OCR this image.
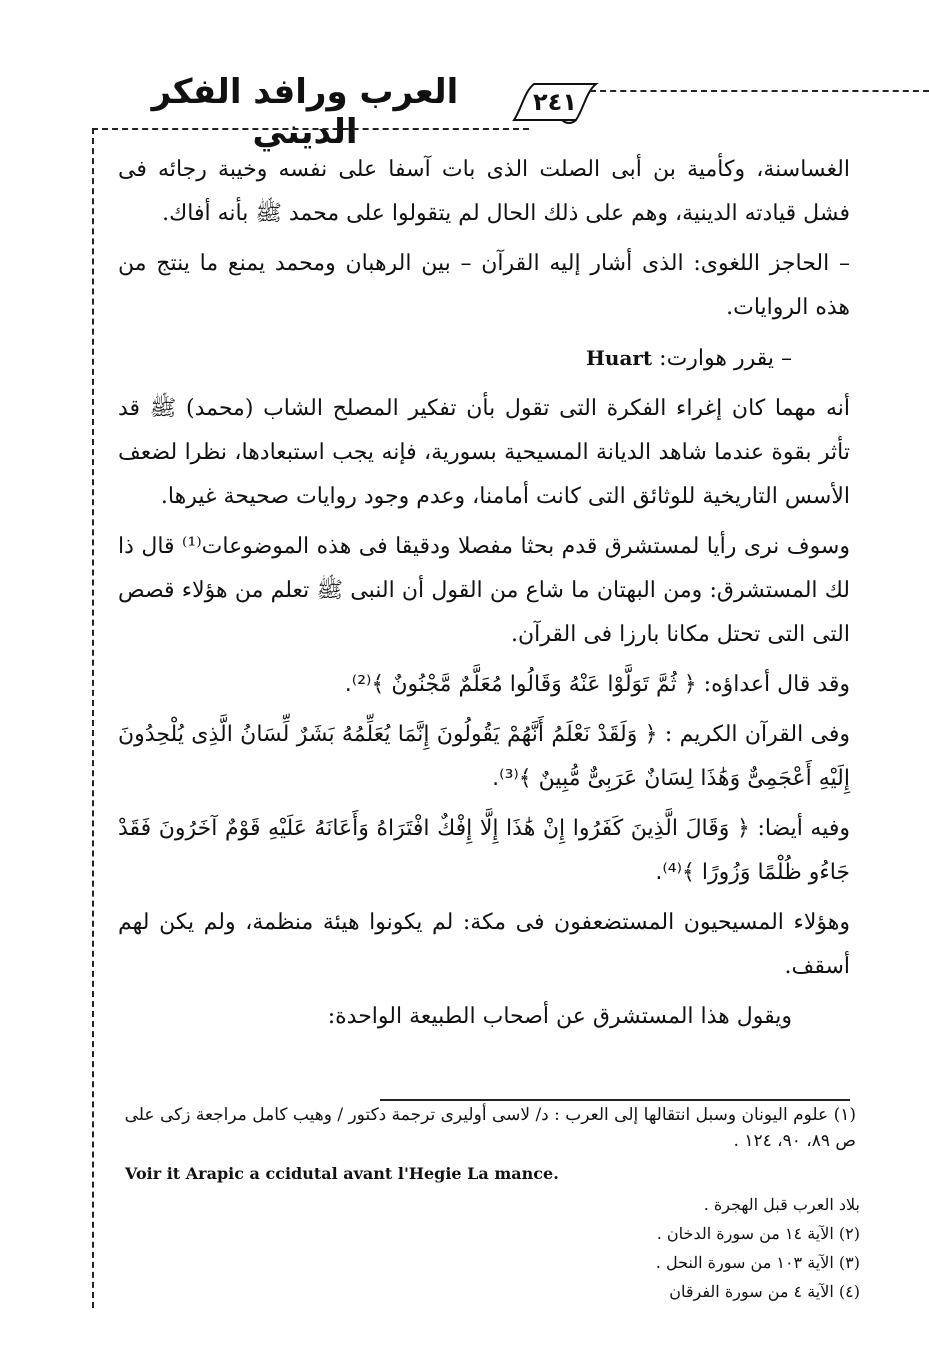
العرب ورافد الفكر الديني
٢٤١

الغساسنة، وكأمية بن أبى الصلت الذى بات آسفا على نفسه وخيبة رجائه فى فشل قيادته الدينية، وهم على ذلك الحال لم يتقولوا على محمد ﷺ بأنه أفاك.

– الحاجز اللغوى: الذى أشار إليه القرآن – بين الرهبان ومحمد يمنع ما ينتج من هذه الروايات.

– يقرر هوارت: Huart

أنه مهما كان إغراء الفكرة التى تقول بأن تفكير المصلح الشاب (محمد) ﷺ قد تأثر بقوة عندما شاهد الديانة المسيحية بسورية، فإنه يجب استبعادها، نظرا لضعف الأسس التاريخية للوثائق التى كانت أمامنا، وعدم وجود روايات صحيحة غيرها.

وسوف نرى رأيا لمستشرق قدم بحثا مفصلا ودقيقا فى هذه الموضوعات⁽¹⁾ قال ذا لك المستشرق: ومن البهتان ما شاع من القول أن النبى ﷺ تعلم من هؤلاء قصص التى التى تحتل مكانا بارزا فى القرآن.

وقد قال أعداؤه: ﴿ ثُمَّ تَوَلَّوْا عَنْهُ وَقَالُوا مُعَلَّمٌ مَّجْنُونٌ ﴾⁽²⁾.

وفى القرآن الكريم : ﴿ وَلَقَدْ نَعْلَمُ أَنَّهُمْ يَقُولُونَ إِنَّمَا يُعَلِّمُهُ بَشَرٌ لِّسَانُ الَّذِى يُلْحِدُونَ إِلَيْهِ أَعْجَمِىٌّ وَهَٰذَا لِسَانٌ عَرَبِىٌّ مُّبِينٌ ﴾⁽³⁾.

وفيه أيضا: ﴿ وَقَالَ الَّذِينَ كَفَرُوا إِنْ هَٰذَا إِلَّا إِفْكٌ افْتَرَاهُ وَأَعَانَهُ عَلَيْهِ قَوْمٌ آخَرُونَ فَقَدْ جَاءُو ظُلْمًا وَزُورًا ﴾⁽⁴⁾.

وهؤلاء المسيحيون المستضعفون فى مكة: لم يكونوا هيئة منظمة، ولم يكن لهم أسقف.

ويقول هذا المستشرق عن أصحاب الطبيعة الواحدة:

(١) علوم اليونان وسبل انتقالها إلى العرب : د/ لاسى أوليرى ترجمة دكتور / وهيب كامل مراجعة زكى على ص ٨٩، ٩٠، ١٢٤ .
Voir it Arapic a ccidutal avant l'Hegie La mance.

بلاد العرب قبل الهجرة .

(٢) الآية ١٤ من سورة الدخان .

(٣) الآية ١٠٣ من سورة النحل .

(٤) الآية ٤ من سورة الفرقان
